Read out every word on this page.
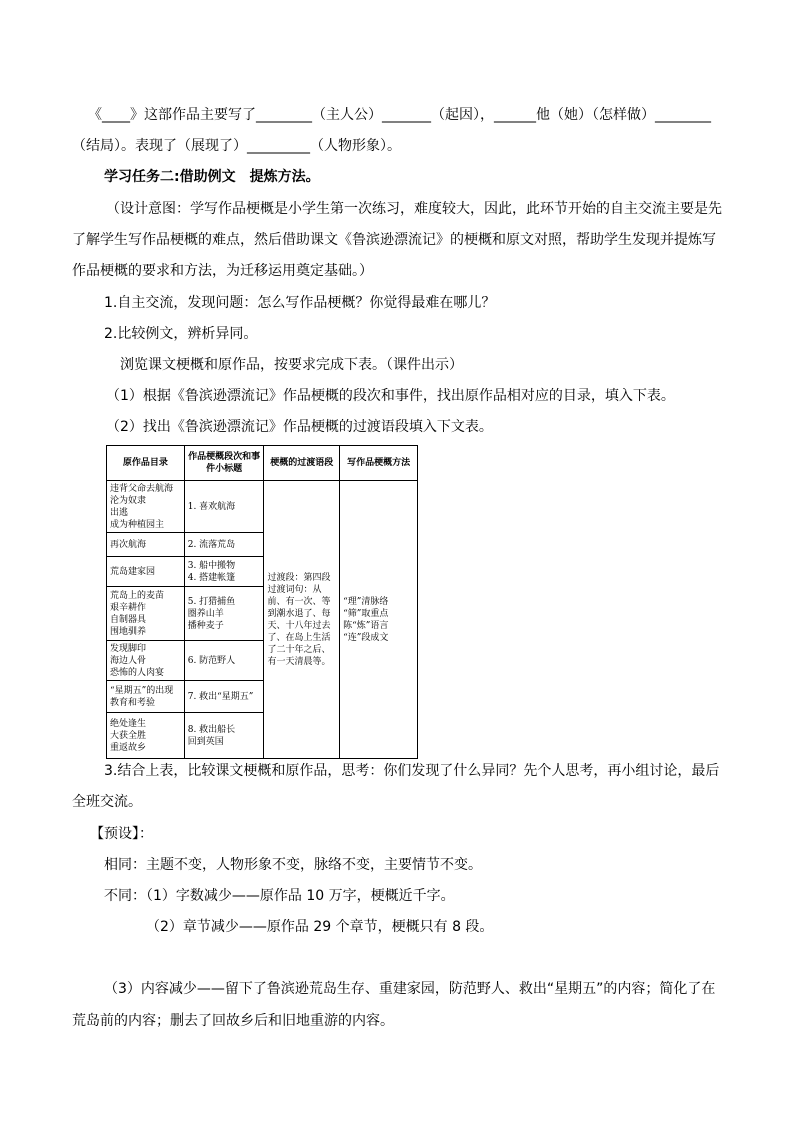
《____》这部作品主要写了________（主人公）_______（起因），______他（她）（怎样做）________
（结局）。表现了（展现了）_________（人物形象）。
学习任务二:借助例文　提炼方法。
（设计意图：学写作品梗概是小学生第一次练习，难度较大，因此，此环节开始的自主交流主要是先
了解学生写作品梗概的难点，然后借助课文《鲁滨逊漂流记》的梗概和原文对照，帮助学生发现并提炼写
作品梗概的要求和方法，为迁移运用奠定基础。）
1.自主交流，发现问题：怎么写作品梗概？你觉得最难在哪儿？
2.比较例文，辨析异同。
浏览课文梗概和原作品，按要求完成下表。（课件出示）
（1）根据《鲁滨逊漂流记》作品梗概的段次和事件，找出原作品相对应的目录，填入下表。
（2）找出《鲁滨逊漂流记》作品梗概的过渡语段填入下文表。
原作品目录	作品梗概段次和事件小标题	梗概的过渡语段	写作品梗概方法
违背父命去航海
沦为奴隶
出逃
成为种植园主	1. 喜欢航海	过渡段：第四段
过渡词句：从前、有一次、等到潮水退了、每天、十八年过去了、在岛上生活了二十年之后、有一天清晨等。	“理”清脉络
“筛”取重点
陈“炼”语言
“连”段成文
再次航海	2. 流落荒岛		
荒岛建家园	3. 船中搬物
4. 搭建帐篷		
荒岛上的麦苗
艰辛耕作
自制器具
围地驯养	5. 打猎捕鱼
圈养山羊
播种麦子		
发现脚印
海边人骨
恐怖的人肉宴	6. 防范野人		
“星期五”的出现
教育和考验	7. 救出“星期五”		
绝处逢生
大获全胜
重返故乡	8. 救出船长
回到英国		
3.结合上表，比较课文梗概和原作品，思考：你们发现了什么异同？先个人思考，再小组讨论，最后
全班交流。
【预设】：
相同：主题不变，人物形象不变，脉络不变，主要情节不变。
不同：（1）字数减少——原作品 10 万字，梗概近千字。
（2）章节减少——原作品 29 个章节，梗概只有 8 段。
（3）内容减少——留下了鲁滨逊荒岛生存、重建家园，防范野人、救出“星期五”的内容；简化了在
荒岛前的内容；删去了回故乡后和旧地重游的内容。
